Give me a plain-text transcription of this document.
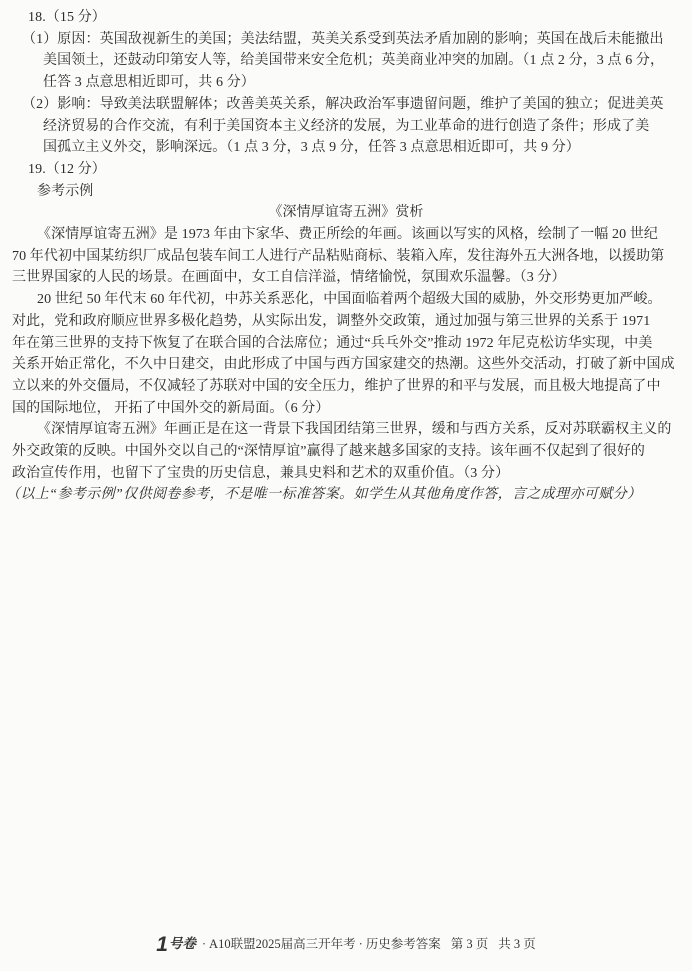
18.（15 分）
（1）原因：英国敌视新生的美国；美法结盟，英美关系受到英法矛盾加剧的影响；英国在战后未能撤出
美国领土，还鼓动印第安人等，给美国带来安全危机；英美商业冲突的加剧。（1 点 2 分，3 点 6 分，
任答 3 点意思相近即可，共 6 分）
（2）影响：导致美法联盟解体；改善美英关系，解决政治军事遗留问题，维护了美国的独立；促进美英
经济贸易的合作交流，有利于美国资本主义经济的发展，为工业革命的进行创造了条件；形成了美
国孤立主义外交，影响深远。（1 点 3 分，3 点 9 分，任答 3 点意思相近即可，共 9 分）
19.（12 分）
参考示例
《深情厚谊寄五洲》赏析
《深情厚谊寄五洲》是 1973 年由卞家华、费正所绘的年画。该画以写实的风格，绘制了一幅 20 世纪
70 年代初中国某纺织厂成品包装车间工人进行产品粘贴商标、装箱入库，发往海外五大洲各地，以援助第
三世界国家的人民的场景。在画面中，女工自信洋溢，情绪愉悦，氛围欢乐温馨。（3 分）
20 世纪 50 年代末 60 年代初，中苏关系恶化，中国面临着两个超级大国的威胁，外交形势更加严峻。
对此，党和政府顺应世界多极化趋势，从实际出发，调整外交政策，通过加强与第三世界的关系于 1971
年在第三世界的支持下恢复了在联合国的合法席位；通过“兵乓外交”推动 1972 年尼克松访华实现，中美
关系开始正常化，不久中日建交，由此形成了中国与西方国家建交的热潮。这些外交活动，打破了新中国成
立以来的外交僵局，不仅减轻了苏联对中国的安全压力，维护了世界的和平与发展，而且极大地提高了中
国的国际地位， 开拓了中国外交的新局面。（6 分）
《深情厚谊寄五洲》年画正是在这一背景下我国团结第三世界，缓和与西方关系，反对苏联霸权主义的
外交政策的反映。中国外交以自己的“深情厚谊”赢得了越来越多国家的支持。该年画不仅起到了很好的
政治宣传作用，也留下了宝贵的历史信息，兼具史料和艺术的双重价值。（3 分）
（以上“参考示例”仅供阅卷参考，不是唯一标准答案。如学生从其他角度作答，言之成理亦可赋分）
1号卷 · A10联盟2025届高三开年考 · 历史参考答案 第 3 页 共 3 页
